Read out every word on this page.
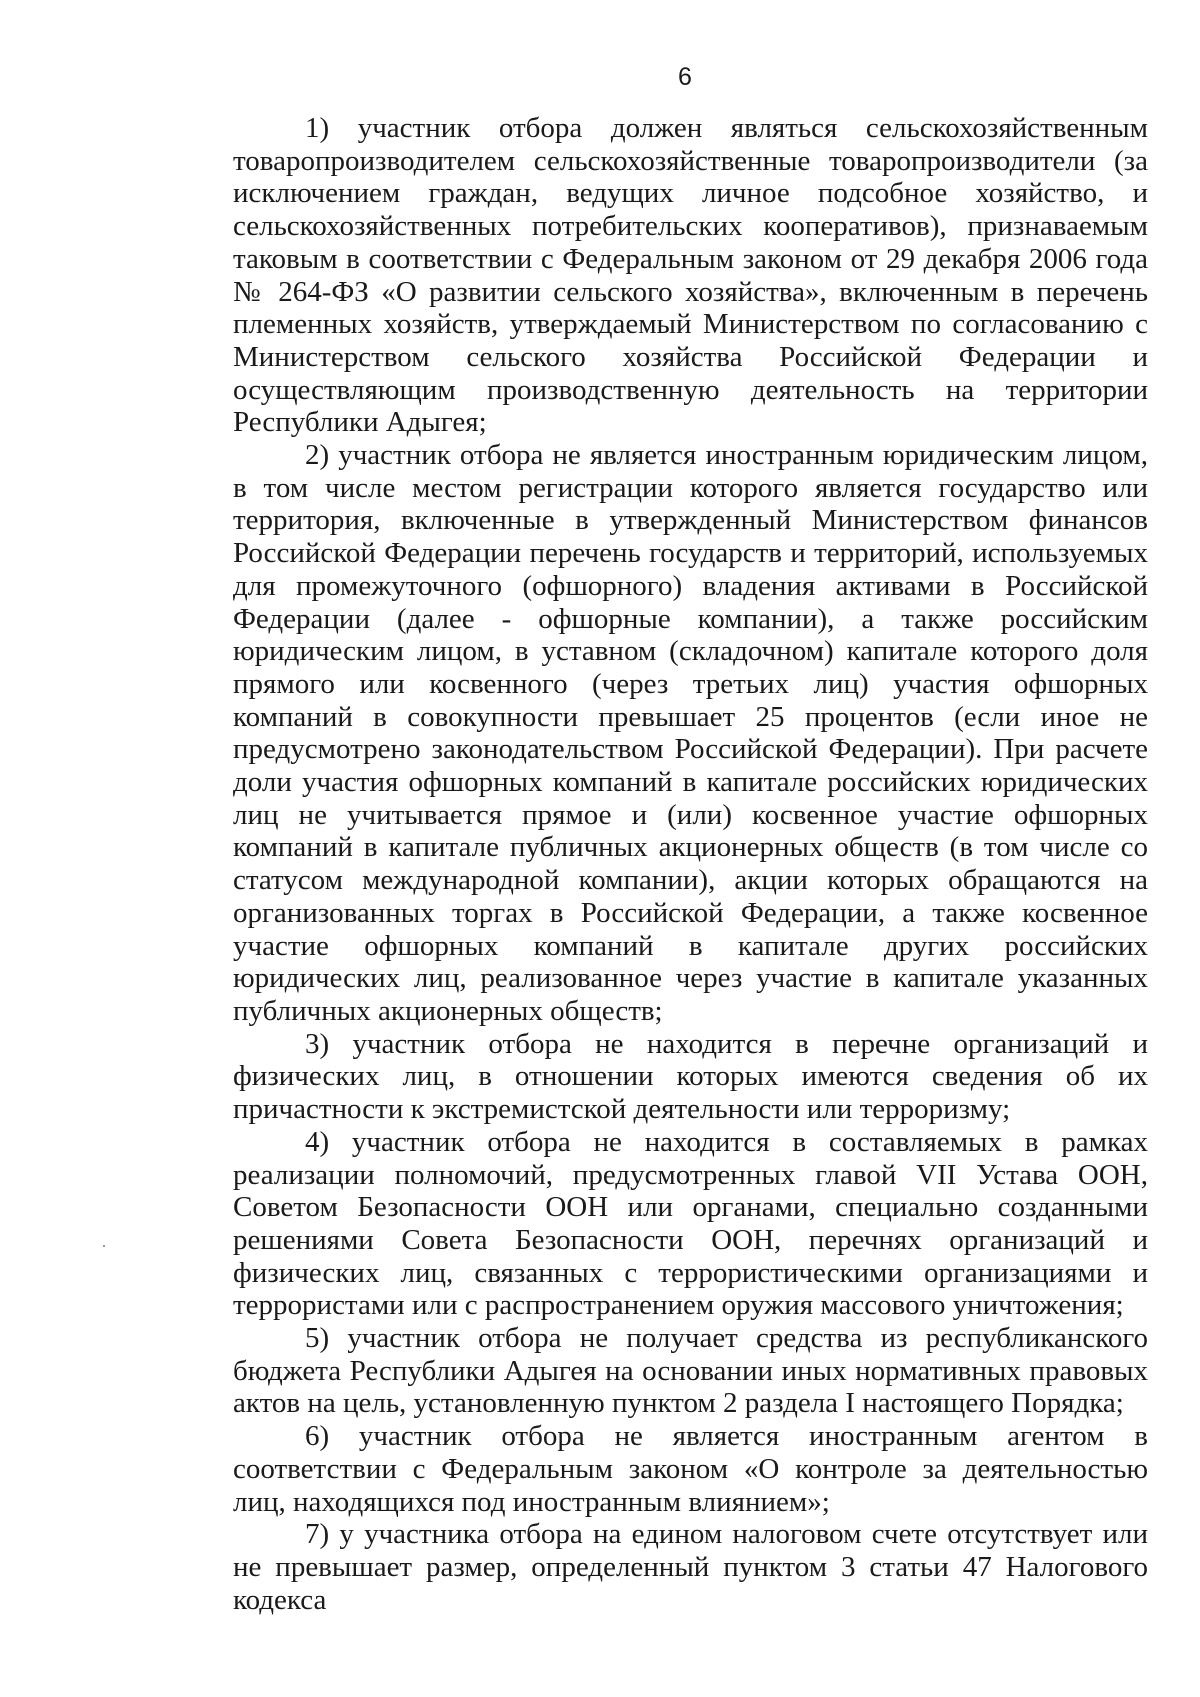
6

1) участник отбора должен являться сельскохозяйственным товаропроизводителем сельскохозяйственные товаропроизводители (за исключением граждан, ведущих личное подсобное хозяйство, и сельскохозяйственных потребительских кооперативов), признаваемым таковым в соответствии с Федеральным законом от 29 декабря 2006 года № 264-ФЗ «О развитии сельского хозяйства», включенным в перечень племенных хозяйств, утверждаемый Министерством по согласованию с Министерством сельского хозяйства Российской Федерации и осуществляющим производственную деятельность на территории Республики Адыгея;

2) участник отбора не является иностранным юридическим лицом, в том числе местом регистрации которого является государство или территория, включенные в утвержденный Министерством финансов Российской Федерации перечень государств и территорий, используемых для промежуточного (офшорного) владения активами в Российской Федерации (далее - офшорные компании), а также российским юридическим лицом, в уставном (складочном) капитале которого доля прямого или косвенного (через третьих лиц) участия офшорных компаний в совокупности превышает 25 процентов (если иное не предусмотрено законодательством Российской Федерации). При расчете доли участия офшорных компаний в капитале российских юридических лиц не учитывается прямое и (или) косвенное участие офшорных компаний в капитале публичных акционерных обществ (в том числе со статусом международной компании), акции которых обращаются на организованных торгах в Российской Федерации, а также косвенное участие офшорных компаний в капитале других российских юридических лиц, реализованное через участие в капитале указанных публичных акционерных обществ;

3) участник отбора не находится в перечне организаций и физических лиц, в отношении которых имеются сведения об их причастности к экстремистской деятельности или терроризму;

4) участник отбора не находится в составляемых в рамках реализации полномочий, предусмотренных главой VII Устава ООН, Советом Безопасности ООН или органами, специально созданными решениями Совета Безопасности ООН, перечнях организаций и физических лиц, связанных с террористическими организациями и террористами или с распространением оружия массового уничтожения;

5) участник отбора не получает средства из республиканского бюджета Республики Адыгея на основании иных нормативных правовых актов на цель, установленную пунктом 2 раздела I настоящего Порядка;

6) участник отбора не является иностранным агентом в соответствии с Федеральным законом «О контроле за деятельностью лиц, находящихся под иностранным влиянием»;

7) у участника отбора на едином налоговом счете отсутствует или не превышает размер, определенный пунктом 3 статьи 47 Налогового кодекса
